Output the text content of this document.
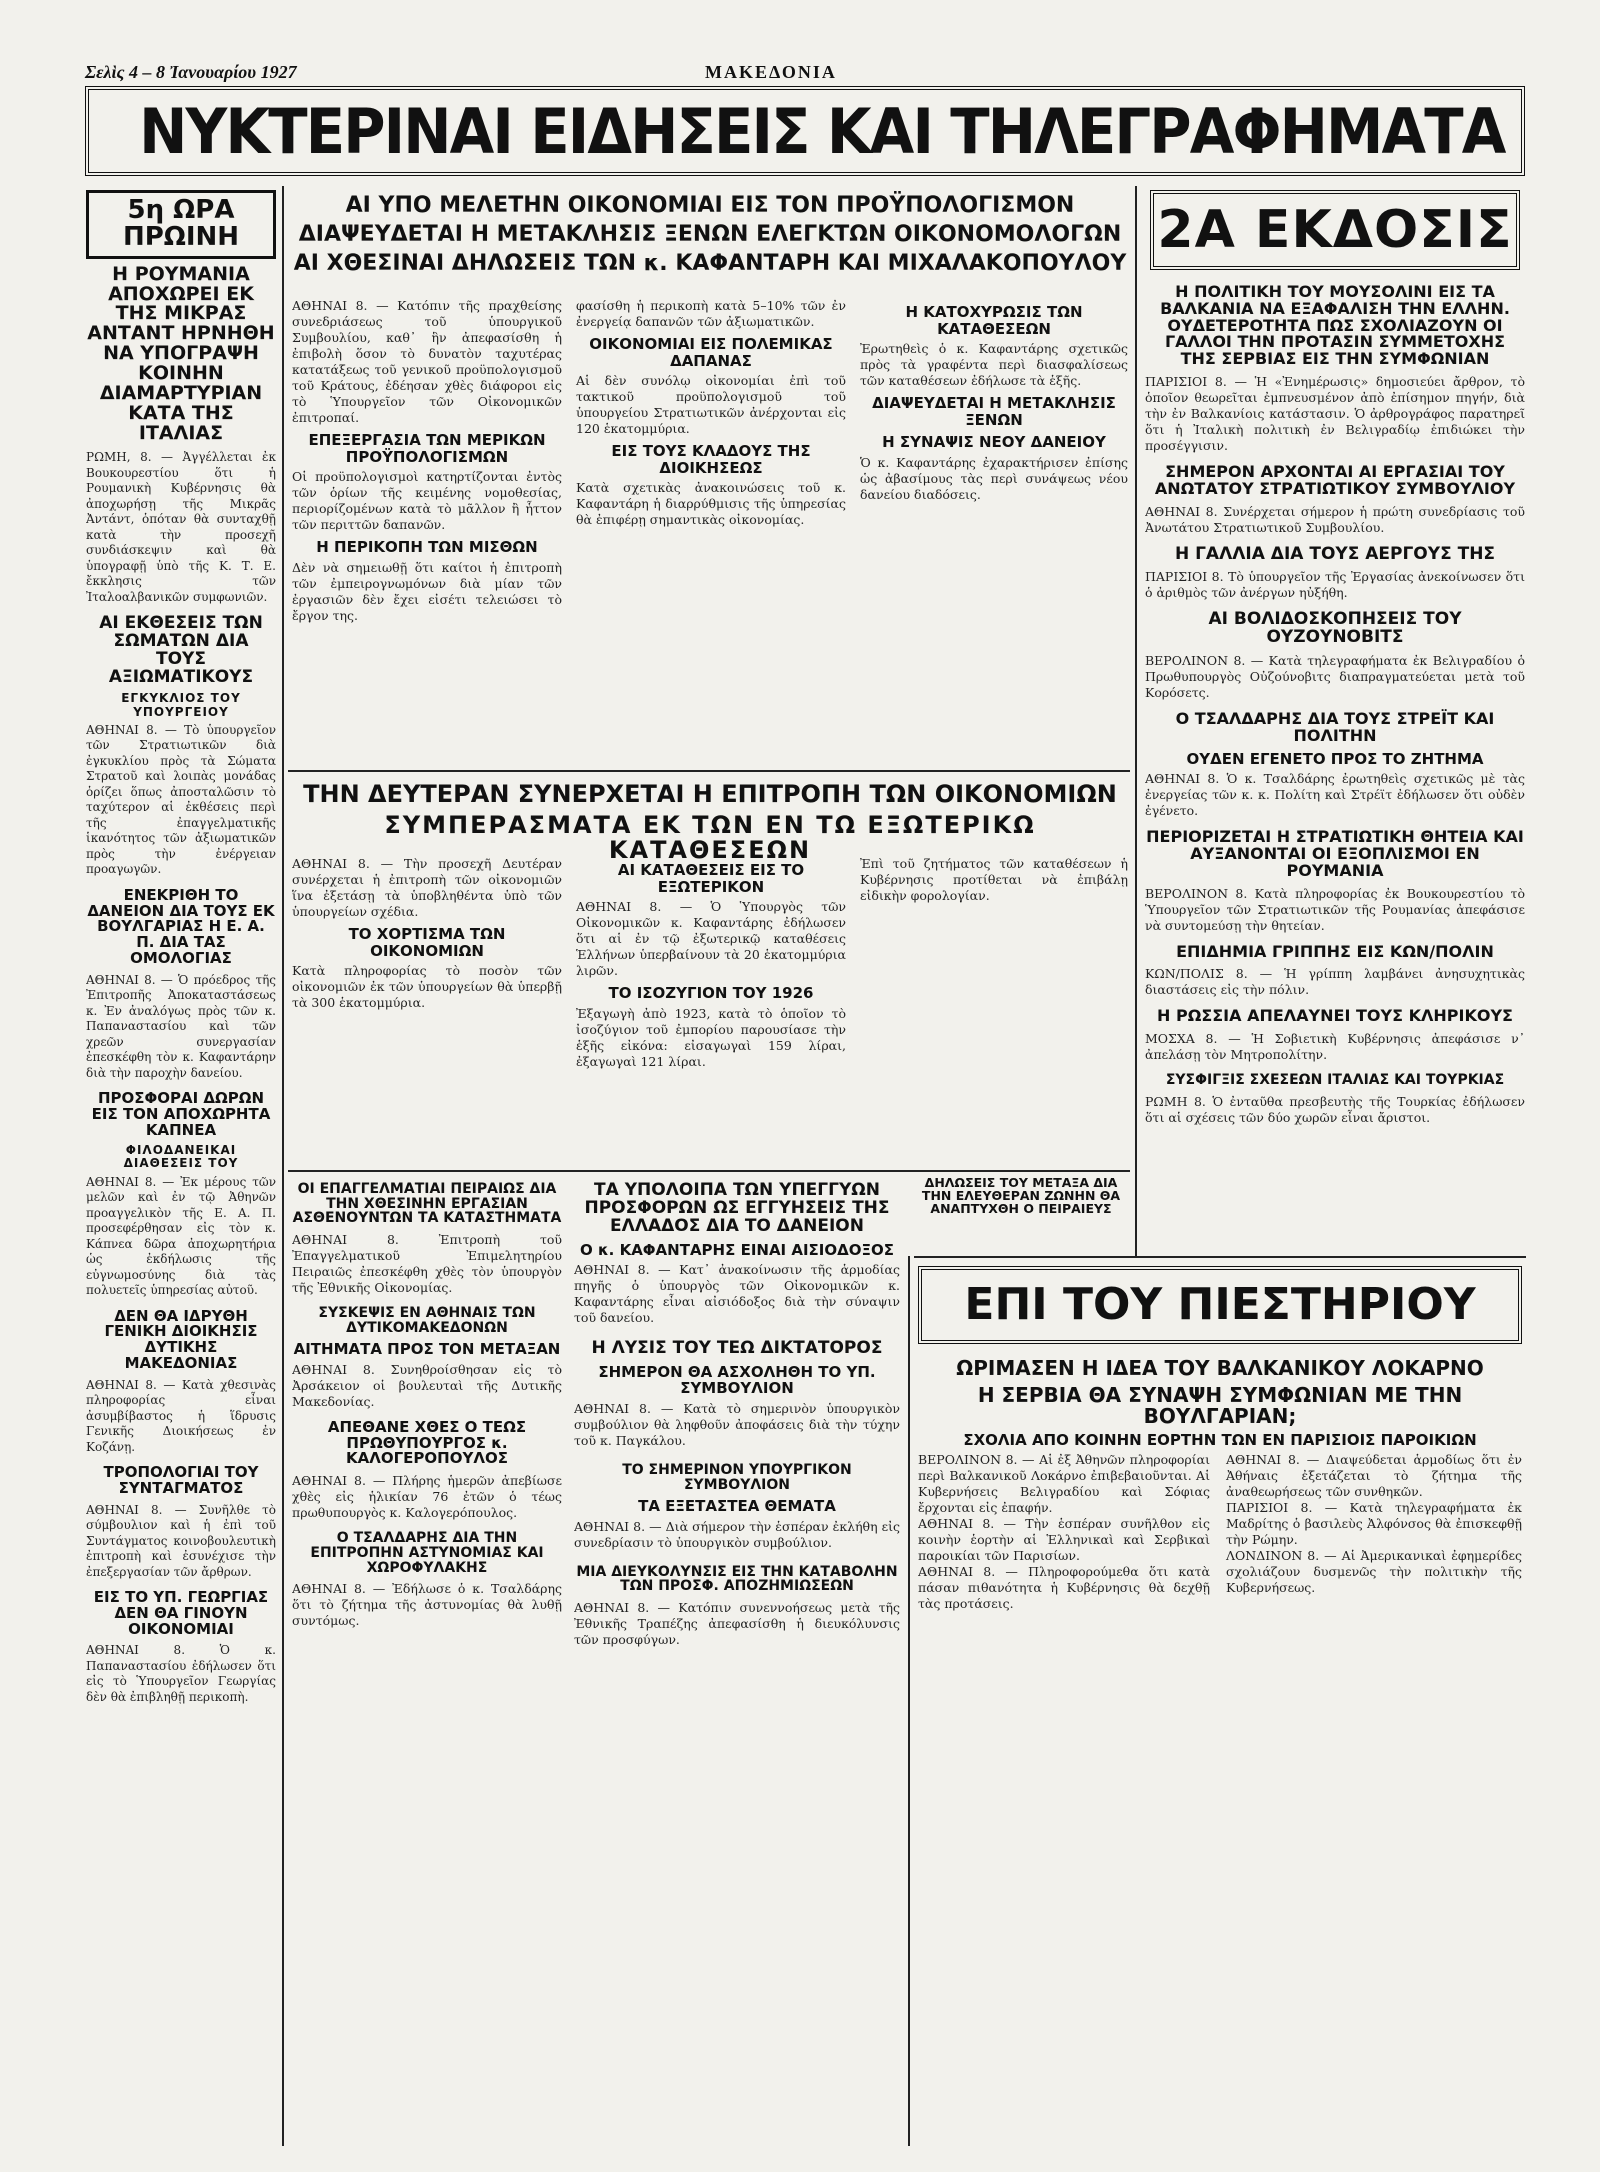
Σελὶς 4 – 8 Ἰανουαρίου 1927	ΜΑΚΕΔΟΝΙΑ
ΝΥΚΤΕΡΙΝΑΙ ΕΙΔΗΣΕΙΣ ΚΑΙ ΤΗΛΕΓΡΑΦΗΜΑΤΑ
5η ΩΡΑ ΠΡΩΙΝΗ
Η ΡΟΥΜΑΝΙΑ ΑΠΟΧΩΡΕΙ ΕΚ ΤΗΣ ΜΙΚΡΑΣ ΑΝΤΑΝΤ ΗΡΝΗΘΗ ΝΑ ΥΠΟΓΡΑΨΗ ΚΟΙΝΗΝ ΔΙΑΜΑΡΤΥΡΙΑΝ ΚΑΤΑ ΤΗΣ ΙΤΑΛΙΑΣ

ΡΩΜΗ, 8. — Ἀγγέλλεται ἐκ Βουκουρεστίου ὅτι ἡ Ρουμανικὴ Κυβέρνησις θὰ ἀποχωρήσῃ τῆς Μικρᾶς Ἀντάντ, ὁπόταν θὰ συνταχθῇ κατὰ τὴν προσεχῆ συνδιάσκεψιν καὶ θὰ ὑπογραφῇ ὑπὸ τῆς Κ. Τ. Ε. ἔκκλησις τῶν Ἰταλοαλβανικῶν συμφωνιῶν.

ΑΙ ΕΚΘΕΣΕΙΣ ΤΩΝ ΣΩΜΑΤΩΝ ΔΙΑ ΤΟΥΣ ΑΞΙΩΜΑΤΙΚΟΥΣ
ΕΓΚΥΚΛΙΟΣ ΤΟΥ ΥΠΟΥΡΓΕΙΟΥ

ΑΘΗΝΑΙ 8. — Τὸ ὑπουργεῖον τῶν Στρατιωτικῶν διὰ ἐγκυκλίου πρὸς τὰ Σώματα Στρατοῦ καὶ λοιπὰς μονάδας ὁρίζει ὅπως ἀποσταλῶσιν τὸ ταχύτερον αἱ ἐκθέσεις περὶ τῆς ἐπαγγελματικῆς ἱκανότητος τῶν ἀξιωματικῶν πρὸς τὴν ἐνέργειαν προαγωγῶν.

ΕΝΕΚΡΙΘΗ ΤΟ ΔΑΝΕΙΟΝ ΔΙΑ ΤΟΥΣ ΕΚ ΒΟΥΛΓΑΡΙΑΣ Η Ε. Α. Π. ΔΙΑ ΤΑΣ ΟΜΟΛΟΓΙΑΣ

ΑΘΗΝΑΙ 8. — Ὁ πρόεδρος τῆς Ἐπιτροπῆς Ἀποκαταστάσεως κ. Ἐν ἀναλόγως πρὸς τῶν κ. Παπαναστασίου καὶ τῶν χρεῶν συνεργασίαν ἐπεσκέφθη τὸν κ. Καφαντάρην διὰ τὴν παροχὴν δανείου.

ΠΡΟΣΦΟΡΑΙ ΔΩΡΩΝ ΕΙΣ ΤΟΝ ΑΠΟΧΩΡΗΤΑ ΚΑΠΝΕΑ
ΦΙΛΟΔΑΝΕΙΚΑΙ ΔΙΑΘΕΣΕΙΣ ΤΟΥ

ΑΘΗΝΑΙ 8. — Ἐκ μέρους τῶν μελῶν καὶ ἐν τῷ Ἀθηνῶν προαγγελικὸν τῆς Ε. Α. Π. προσεφέρθησαν εἰς τὸν κ. Κάπνεα δῶρα ἀποχωρητήρια ὡς ἐκδήλωσις τῆς εὐγνωμοσύνης διὰ τὰς πολυετεῖς ὑπηρεσίας αὐτοῦ.

ΔΕΝ ΘΑ ΙΔΡΥΘΗ ΓΕΝΙΚΗ ΔΙΟΙΚΗΣΙΣ ΔΥΤΙΚΗΣ ΜΑΚΕΔΟΝΙΑΣ

ΑΘΗΝΑΙ 8. — Κατὰ χθεσινὰς πληροφορίας εἶναι ἀσυμβίβαστος ἡ ἵδρυσις Γενικῆς Διοικήσεως ἐν Κοζάνῃ.

ΤΡΟΠΟΛΟΓΙΑΙ ΤΟΥ ΣΥΝΤΑΓΜΑΤΟΣ

ΑΘΗΝΑΙ 8. — Συνῆλθε τὸ σύμβουλιον καὶ ἡ ἐπὶ τοῦ Συντάγματος κοινοβουλευτικὴ ἐπιτροπὴ καὶ ἐσυνέχισε τὴν ἐπεξεργασίαν τῶν ἄρθρων.

ΕΙΣ ΤΟ ΥΠ. ΓΕΩΡΓΙΑΣ ΔΕΝ ΘΑ ΓΙΝΟΥΝ ΟΙΚΟΝΟΜΙΑΙ

ΑΘΗΝΑΙ 8. Ὁ κ. Παπαναστασίου ἐδήλωσεν ὅτι εἰς τὸ Ὑπουργεῖον Γεωργίας δὲν θὰ ἐπιβληθῇ περικοπὴ.

ΑΙ ΥΠΟ ΜΕΛΕΤΗΝ ΟΙΚΟΝΟΜΙΑΙ ΕΙΣ ΤΟΝ ΠΡΟΫΠΟΛΟΓΙΣΜΟΝ
ΔΙΑΨΕΥΔΕΤΑΙ Η ΜΕΤΑΚΛΗΣΙΣ ΞΕΝΩΝ ΕΛΕΓΚΤΩΝ ΟΙΚΟΝΟΜΟΛΟΓΩΝ
ΑΙ ΧΘΕΣΙΝΑΙ ΔΗΛΩΣΕΙΣ ΤΩΝ κ. ΚΑΦΑΝΤΑΡΗ ΚΑΙ ΜΙΧΑΛΑΚΟΠΟΥΛΟΥ

ΑΘΗΝΑΙ 8. — Κατόπιν τῆς πραχθείσης συνεδριάσεως τοῦ ὑπουργικοῦ Συμβουλίου, καθ᾽ ἣν ἀπεφασίσθη ἡ ἐπιβολὴ ὅσον τὸ δυνατὸν ταχυτέρας κατατάξεως τοῦ γενικοῦ προϋπολογισμοῦ τοῦ Κράτους, ἐδέησαν χθὲς διάφοροι εἰς τὸ Ὑπουργεῖον τῶν Οἰκονομικῶν ἐπιτροπαί.

ΕΠΕΞΕΡΓΑΣΙΑ ΤΩΝ ΜΕΡΙΚΩΝ ΠΡΟΫΠΟΛΟΓΙΣΜΩΝ

Οἱ προϋπολογισμοὶ κατηρτίζονται ἐντὸς τῶν ὁρίων τῆς κειμένης νομοθεσίας, περιορίζομένων κατὰ τὸ μᾶλλον ἢ ἧττον τῶν περιττῶν δαπανῶν.

Η ΠΕΡΙΚΟΠΗ ΤΩΝ ΜΙΣΘΩΝ

Δὲν νὰ σημειωθῇ ὅτι καίτοι ἡ ἐπιτροπὴ τῶν ἐμπειρογνωμόνων διὰ μίαν τῶν ἐργασιῶν δὲν ἔχει εἰσέτι τελειώσει τὸ ἔργον της.

φασίσθη ἡ περικοπὴ κατὰ 5–10% τῶν ἐν ἐνεργείᾳ δαπανῶν τῶν ἀξιωματικῶν.

ΟΙΚΟΝΟΜΙΑΙ ΕΙΣ ΠΟΛΕΜΙΚΑΣ ΔΑΠΑΝΑΣ

Αἱ δὲν συνόλῳ οἰκονομίαι ἐπὶ τοῦ τακτικοῦ προϋπολογισμοῦ τοῦ ὑπουργείου Στρατιωτικῶν ἀνέρχονται εἰς 120 ἑκατομμύρια.

ΕΙΣ ΤΟΥΣ ΚΛΑΔΟΥΣ ΤΗΣ ΔΙΟΙΚΗΣΕΩΣ

Κατὰ σχετικὰς ἀνακοινώσεις τοῦ κ. Καφαντάρη ἡ διαρρύθμισις τῆς ὑπηρεσίας θὰ ἐπιφέρῃ σημαντικὰς οἰκονομίας.

Η ΚΑΤΟΧΥΡΩΣΙΣ ΤΩΝ ΚΑΤΑΘΕΣΕΩΝ

Ἐρωτηθεὶς ὁ κ. Καφαντάρης σχετικῶς πρὸς τὰ γραφέντα περὶ διασφαλίσεως τῶν καταθέσεων ἐδήλωσε τὰ ἑξῆς.

ΔΙΑΨΕΥΔΕΤΑΙ Η ΜΕΤΑΚΛΗΣΙΣ ΞΕΝΩΝ
Η ΣΥΝΑΨΙΣ ΝΕΟΥ ΔΑΝΕΙΟΥ

Ὁ κ. Καφαντάρης ἐχαρακτήρισεν ἐπίσης ὡς ἀβασίμους τὰς περὶ συνάψεως νέου δανείου διαδόσεις.

ΤΗΝ ΔΕΥΤΕΡΑΝ ΣΥΝΕΡΧΕΤΑΙ Η ΕΠΙΤΡΟΠΗ ΤΩΝ ΟΙΚΟΝΟΜΙΩΝ
ΣΥΜΠΕΡΑΣΜΑΤΑ ΕΚ ΤΩΝ ΕΝ ΤΩ ΕΞΩΤΕΡΙΚΩ ΚΑΤΑΘΕΣΕΩΝ

ΑΘΗΝΑΙ 8. — Τὴν προσεχῆ Δευτέραν συνέρχεται ἡ ἐπιτροπὴ τῶν οἰκονομιῶν ἵνα ἐξετάσῃ τὰ ὑποβληθέντα ὑπὸ τῶν ὑπουργείων σχέδια.

ΤΟ ΧΟΡΤΙΣΜΑ ΤΩΝ ΟΙΚΟΝΟΜΙΩΝ

Κατὰ πληροφορίας τὸ ποσὸν τῶν οἰκονομιῶν ἐκ τῶν ὑπουργείων θὰ ὑπερβῇ τὰ 300 ἑκατομμύρια.

ΑΙ ΚΑΤΑΘΕΣΕΙΣ ΕΙΣ ΤΟ ΕΞΩΤΕΡΙΚΟΝ

ΑΘΗΝΑΙ 8. — Ὁ Ὑπουργὸς τῶν Οἰκονομικῶν κ. Καφαντάρης ἐδήλωσεν ὅτι αἱ ἐν τῷ ἐξωτερικῷ καταθέσεις Ἑλλήνων ὑπερβαίνουν τὰ 20 ἑκατομμύρια λιρῶν.

ΤΟ ΙΣΟΖΥΓΙΟΝ ΤΟΥ 1926

Ἐξαγωγὴ ἀπὸ 1923, κατὰ τὸ ὁποῖον τὸ ἰσοζύγιον τοῦ ἐμπορίου παρουσίασε τὴν ἑξῆς εἰκόνα: εἰσαγωγαὶ 159 λίραι, ἐξαγωγαὶ 121 λίραι.

Ἐπὶ τοῦ ζητήματος τῶν καταθέσεων ἡ Κυβέρνησις προτίθεται νὰ ἐπιβάλῃ εἰδικὴν φορολογίαν.

ΟΙ ΕΠΑΓΓΕΛΜΑΤΙΑΙ ΠΕΙΡΑΙΩΣ ΔΙΑ ΤΗΝ ΧΘΕΣΙΝΗΝ ΕΡΓΑΣΙΑΝ ΑΣΘΕΝΟΥΝΤΩΝ ΤΑ ΚΑΤΑΣΤΗΜΑΤΑ

ΑΘΗΝΑΙ 8. Ἐπιτροπὴ τοῦ Ἐπαγγελματικοῦ Ἐπιμελητηρίου Πειραιῶς ἐπεσκέφθη χθὲς τὸν ὑπουργὸν τῆς Ἐθνικῆς Οἰκονομίας.

ΣΥΣΚΕΨΙΣ ΕΝ ΑΘΗΝΑΙΣ ΤΩΝ ΔΥΤΙΚΟΜΑΚΕΔΟΝΩΝ
ΑΙΤΗΜΑΤΑ ΠΡΟΣ ΤΟΝ ΜΕΤΑΞΑΝ

ΑΘΗΝΑΙ 8. Συνηθροίσθησαν εἰς τὸ Ἀρσάκειον οἱ βουλευταὶ τῆς Δυτικῆς Μακεδονίας.

ΑΠΕΘΑΝΕ ΧΘΕΣ Ο ΤΕΩΣ ΠΡΩΘΥΠΟΥΡΓΟΣ κ. ΚΑΛΟΓΕΡΟΠΟΥΛΟΣ

ΑΘΗΝΑΙ 8. — Πλήρης ἡμερῶν ἀπεβίωσε χθὲς εἰς ἡλικίαν 76 ἐτῶν ὁ τέως πρωθυπουργὸς κ. Καλογερόπουλος.

Ο ΤΣΑΛΔΑΡΗΣ ΔΙΑ ΤΗΝ ΕΠΙΤΡΟΠΗΝ ΑΣΤΥΝΟΜΙΑΣ ΚΑΙ ΧΩΡΟΦΥΛΑΚΗΣ

ΑΘΗΝΑΙ 8. — Ἐδήλωσε ὁ κ. Τσαλδάρης ὅτι τὸ ζήτημα τῆς ἀστυνομίας θὰ λυθῇ συντόμως.

ΤΑ ΥΠΟΛΟΙΠΑ ΤΩΝ ΥΠΕΓΓΥΩΝ ΠΡΟΣΦΟΡΩΝ ΩΣ ΕΓΓΥΗΣΕΙΣ ΤΗΣ ΕΛΛΑΔΟΣ ΔΙΑ ΤΟ ΔΑΝΕΙΟΝ
Ο κ. ΚΑΦΑΝΤΑΡΗΣ ΕΙΝΑΙ ΑΙΣΙΟΔΟΞΟΣ

ΑΘΗΝΑΙ 8. — Κατ᾽ ἀνακοίνωσιν τῆς ἁρμοδίας πηγῆς ὁ ὑπουργὸς τῶν Οἰκονομικῶν κ. Καφαντάρης εἶναι αἰσιόδοξος διὰ τὴν σύναψιν τοῦ δανείου.

Η ΛΥΣΙΣ ΤΟΥ ΤΕΩ ΔΙΚΤΑΤΟΡΟΣ
ΣΗΜΕΡΟΝ ΘΑ ΑΣΧΟΛΗΘΗ ΤΟ ΥΠ. ΣΥΜΒΟΥΛΙΟΝ

ΑΘΗΝΑΙ 8. — Κατὰ τὸ σημερινὸν ὑπουργικὸν συμβούλιον θὰ ληφθοῦν ἀποφάσεις διὰ τὴν τύχην τοῦ κ. Παγκάλου.

ΤΟ ΣΗΜΕΡΙΝΟΝ ΥΠΟΥΡΓΙΚΟΝ ΣΥΜΒΟΥΛΙΟΝ
ΤΑ ΕΞΕΤΑΣΤΕΑ ΘΕΜΑΤΑ

ΑΘΗΝΑΙ 8. — Διὰ σήμερον τὴν ἑσπέραν ἐκλήθη εἰς συνεδρίασιν τὸ ὑπουργικὸν συμβούλιον.

ΜΙΑ ΔΙΕΥΚΟΛΥΝΣΙΣ ΕΙΣ ΤΗΝ ΚΑΤΑΒΟΛΗΝ ΤΩΝ ΠΡΟΣΦ. ΑΠΟΖΗΜΙΩΣΕΩΝ

ΑΘΗΝΑΙ 8. — Κατόπιν συνεννοήσεως μετὰ τῆς Ἐθνικῆς Τραπέζης ἀπεφασίσθη ἡ διευκόλυνσις τῶν προσφύγων.

ΔΗΛΩΣΕΙΣ ΤΟΥ ΜΕΤΑΞΑ ΔΙΑ ΤΗΝ ΕΛΕΥΘΕΡΑΝ ΖΩΝΗΝ ΘΑ ΑΝΑΠΤΥΧΘΗ Ο ΠΕΙΡΑΙΕΥΣ
2Α ΕΚΔΟΣΙΣ
Η ΠΟΛΙΤΙΚΗ ΤΟΥ ΜΟΥΣΟΛΙΝΙ ΕΙΣ ΤΑ ΒΑΛΚΑΝΙΑ ΝΑ ΕΞΑΦΑΛΙΣΗ ΤΗΝ ΕΛΛΗΝ. ΟΥΔΕΤΕΡΟΤΗΤΑ ΠΩΣ ΣΧΟΛΙΑΖΟΥΝ ΟΙ ΓΑΛΛΟΙ ΤΗΝ ΠΡΟΤΑΣΙΝ ΣΥΜΜΕΤΟΧΗΣ ΤΗΣ ΣΕΡΒΙΑΣ ΕΙΣ ΤΗΝ ΣΥΜΦΩΝΙΑΝ

ΠΑΡΙΣΙΟΙ 8. — Ἡ «Ἐνημέρωσις» δημοσιεύει ἄρθρον, τὸ ὁποῖον θεωρεῖται ἐμπνευσμένον ἀπὸ ἐπίσημον πηγήν, διὰ τὴν ἐν Βαλκανίοις κατάστασιν. Ὁ ἀρθρογράφος παρατηρεῖ ὅτι ἡ Ἰταλικὴ πολιτικὴ ἐν Βελιγραδίῳ ἐπιδιώκει τὴν προσέγγισιν.

ΣΗΜΕΡΟΝ ΑΡΧΟΝΤΑΙ ΑΙ ΕΡΓΑΣΙΑΙ ΤΟΥ ΑΝΩΤΑΤΟΥ ΣΤΡΑΤΙΩΤΙΚΟΥ ΣΥΜΒΟΥΛΙΟΥ

ΑΘΗΝΑΙ 8. Συνέρχεται σήμερον ἡ πρώτη συνεδρίασις τοῦ Ἀνωτάτου Στρατιωτικοῦ Συμβουλίου.

Η ΓΑΛΛΙΑ ΔΙΑ ΤΟΥΣ ΑΕΡΓΟΥΣ ΤΗΣ

ΠΑΡΙΣΙΟΙ 8. Τὸ ὑπουργεῖον τῆς Ἐργασίας ἀνεκοίνωσεν ὅτι ὁ ἀριθμὸς τῶν ἀνέργων ηὐξήθη.

ΑΙ ΒΟΛΙΔΟΣΚΟΠΗΣΕΙΣ ΤΟΥ ΟΥΖΟΥΝΟΒΙΤΣ

ΒΕΡΟΛΙΝΟΝ 8. — Κατὰ τηλεγραφήματα ἐκ Βελιγραδίου ὁ Πρωθυπουργὸς Οὐζούνοβιτς διαπραγματεύεται μετὰ τοῦ Κορόσετς.

Ο ΤΣΑΛΔΑΡΗΣ ΔΙΑ ΤΟΥΣ ΣΤΡΕΪΤ ΚΑΙ ΠΟΛΙΤΗΝ
ΟΥΔΕΝ ΕΓΕΝΕΤΟ ΠΡΟΣ ΤΟ ΖΗΤΗΜΑ

ΑΘΗΝΑΙ 8. Ὁ κ. Τσαλδάρης ἐρωτηθεὶς σχετικῶς μὲ τὰς ἐνεργείας τῶν κ. κ. Πολίτη καὶ Στρέϊτ ἐδήλωσεν ὅτι οὐδὲν ἐγένετο.

ΠΕΡΙΟΡΙΖΕΤΑΙ Η ΣΤΡΑΤΙΩΤΙΚΗ ΘΗΤΕΙΑ ΚΑΙ ΑΥΞΑΝΟΝΤΑΙ ΟΙ ΕΞΟΠΛΙΣΜΟΙ ΕΝ ΡΟΥΜΑΝΙΑ

ΒΕΡΟΛΙΝΟΝ 8. Κατὰ πληροφορίας ἐκ Βουκουρεστίου τὸ Ὑπουργεῖον τῶν Στρατιωτικῶν τῆς Ρουμανίας ἀπεφάσισε νὰ συντομεύσῃ τὴν θητείαν.

ΕΠΙΔΗΜΙΑ ΓΡΙΠΠΗΣ ΕΙΣ ΚΩΝ/ΠΟΛΙΝ

ΚΩΝ/ΠΟΛΙΣ 8. — Ἡ γρίππη λαμβάνει ἀνησυχητικὰς διαστάσεις εἰς τὴν πόλιν.

Η ΡΩΣΣΙΑ ΑΠΕΛΑΥΝΕΙ ΤΟΥΣ ΚΛΗΡΙΚΟΥΣ

ΜΟΣΧΑ 8. — Ἡ Σοβιετικὴ Κυβέρνησις ἀπεφάσισε ν᾽ ἀπελάσῃ τὸν Μητροπολίτην.

ΣΥΣΦΙΓΞΙΣ ΣΧΕΣΕΩΝ ΙΤΑΛΙΑΣ ΚΑΙ ΤΟΥΡΚΙΑΣ

ΡΩΜΗ 8. Ὁ ἐνταῦθα πρεσβευτὴς τῆς Τουρκίας ἐδήλωσεν ὅτι αἱ σχέσεις τῶν δύο χωρῶν εἶναι ἄριστοι.

ΕΠΙ ΤΟΥ ΠΙΕΣΤΗΡΙΟΥ
ΩΡΙΜΑΣΕΝ Η ΙΔΕΑ ΤΟΥ ΒΑΛΚΑΝΙΚΟΥ ΛΟΚΑΡΝΟ
Η ΣΕΡΒΙΑ ΘΑ ΣΥΝΑΨΗ ΣΥΜΦΩΝΙΑΝ ΜΕ ΤΗΝ ΒΟΥΛΓΑΡΙΑΝ;
ΣΧΟΛΙΑ ΑΠΟ ΚΟΙΝΗΝ ΕΟΡΤΗΝ ΤΩΝ ΕΝ ΠΑΡΙΣΙΟΙΣ ΠΑΡΟΙΚΙΩΝ

ΒΕΡΟΛΙΝΟΝ 8. — Αἱ ἐξ Ἀθηνῶν πληροφορίαι περὶ Βαλκανικοῦ Λοκάρνο ἐπιβεβαιοῦνται. Αἱ Κυβερνήσεις Βελιγραδίου καὶ Σόφιας ἔρχονται εἰς ἐπαφήν.

ΑΘΗΝΑΙ 8. — Τὴν ἑσπέραν συνῆλθον εἰς κοινὴν ἑορτὴν αἱ Ἑλληνικαὶ καὶ Σερβικαὶ παροικίαι τῶν Παρισίων.

ΑΘΗΝΑΙ 8. — Πληροφορούμεθα ὅτι κατὰ πάσαν πιθανότητα ἡ Κυβέρνησις θὰ δεχθῇ τὰς προτάσεις.

ΑΘΗΝΑΙ 8. — Διαψεύδεται ἁρμοδίως ὅτι ἐν Ἀθήναις ἐξετάζεται τὸ ζήτημα τῆς ἀναθεωρήσεως τῶν συνθηκῶν.

ΠΑΡΙΣΙΟΙ 8. — Κατὰ τηλεγραφήματα ἐκ Μαδρίτης ὁ βασιλεὺς Ἀλφόνσος θὰ ἐπισκεφθῇ τὴν Ρώμην.

ΛΟΝΔΙΝΟΝ 8. — Αἱ Ἀμερικανικαὶ ἐφημερίδες σχολιάζουν δυσμενῶς τὴν πολιτικὴν τῆς Κυβερνήσεως.
